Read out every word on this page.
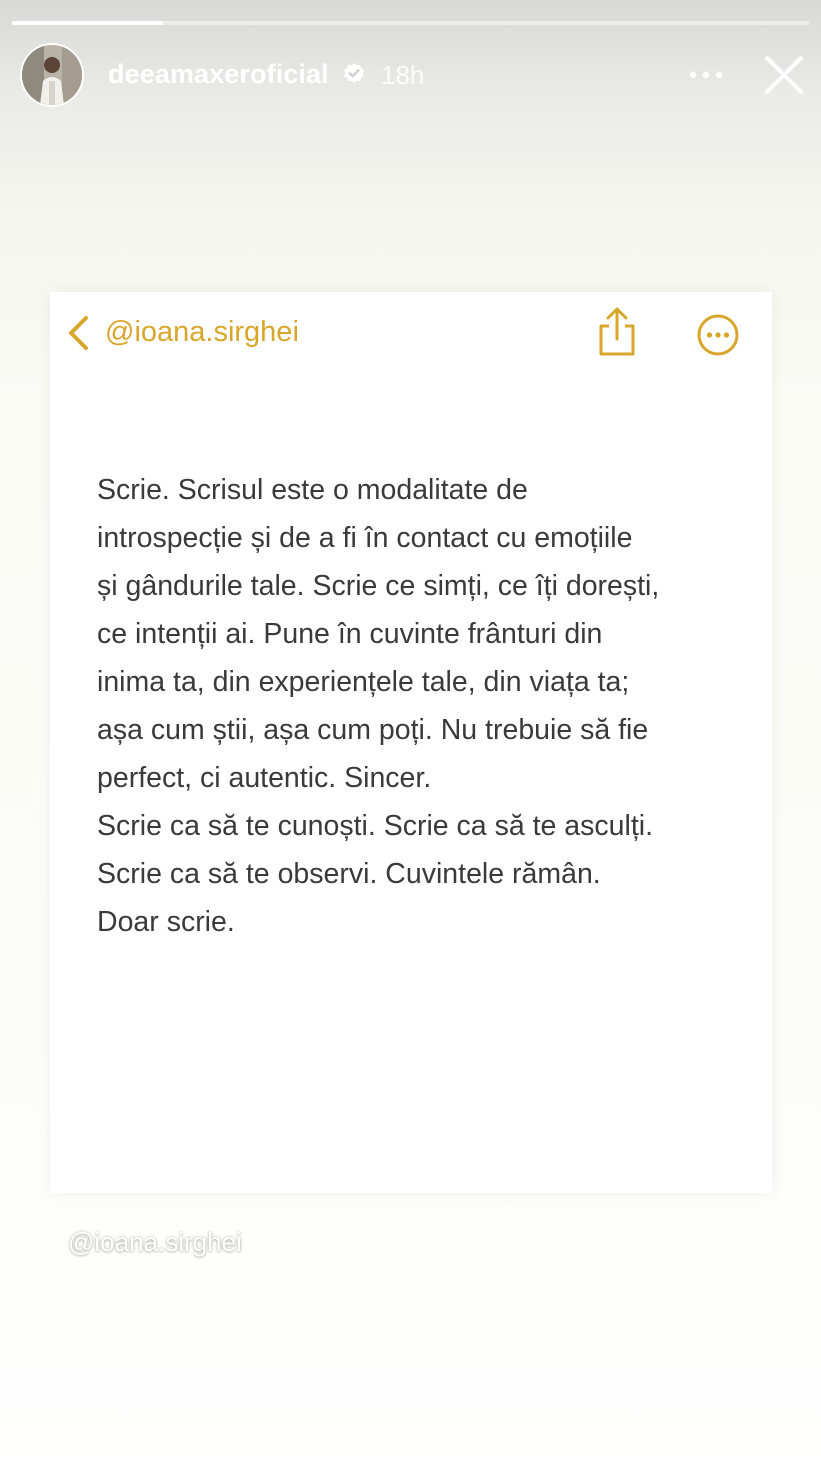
deeamaxeroficial 18h
@ioana.sirghei
Scrie. Scrisul este o modalitate de
introspecție și de a fi în contact cu emoțiile
și gândurile tale. Scrie ce simți, ce îți dorești,
ce intenții ai. Pune în cuvinte frânturi din
inima ta, din experiențele tale, din viața ta;
așa cum știi, așa cum poți. Nu trebuie să fie
perfect, ci autentic. Sincer.
Scrie ca să te cunoști. Scrie ca să te asculți.
Scrie ca să te observi. Cuvintele rămân.
Doar scrie.
@ioana.sirghei
